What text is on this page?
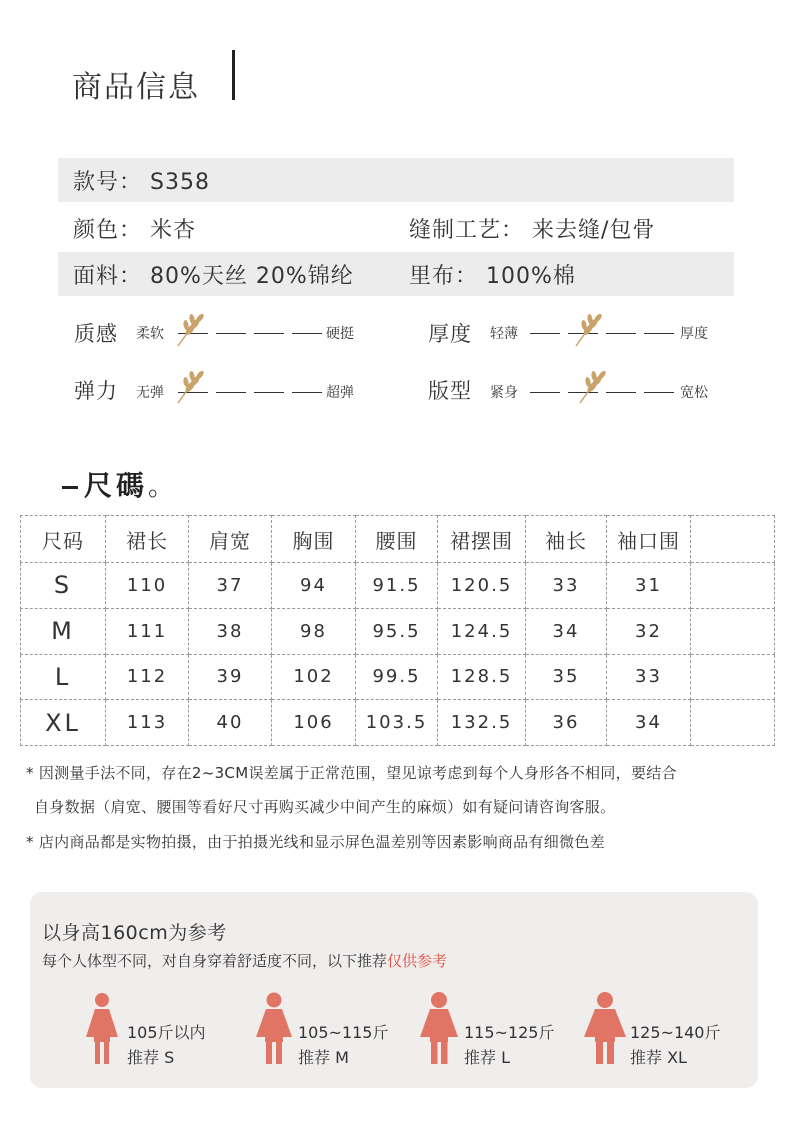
商品信息
款号： S358
颜色： 米杏	缝制工艺： 来去缝/包骨
面料： 80%天丝 20%锦纶	里布： 100%棉
质感 柔软	硬挺	厚度 轻薄	厚度
弹力 无弹	超弹	版型 紧身	宽松
尺碼。
尺码	裙长	肩宽	胸围	腰围	裙摆围	袖长	袖口围	
S	110	37	94	91.5	120.5	33	31	
M	111	38	98	95.5	124.5	34	32	
L	112	39	102	99.5	128.5	35	33	
XL	113	40	106	103.5	132.5	36	34	
* 因测量手法不同，存在2~3CM误差属于正常范围，望见谅考虑到每个人身形各不相同，要结合
自身数据（肩宽、腰围等看好尺寸再购买减少中间产生的麻烦）如有疑问请咨询客服。
* 店内商品都是实物拍摄，由于拍摄光线和显示屏色温差别等因素影响商品有细微色差
以身高160cm为参考
每个人体型不同，对自身穿着舒适度不同，以下推荐仅供参考
105斤以内
推荐 S
105~115斤
推荐 M
115~125斤
推荐 L
125~140斤
推荐 XL
